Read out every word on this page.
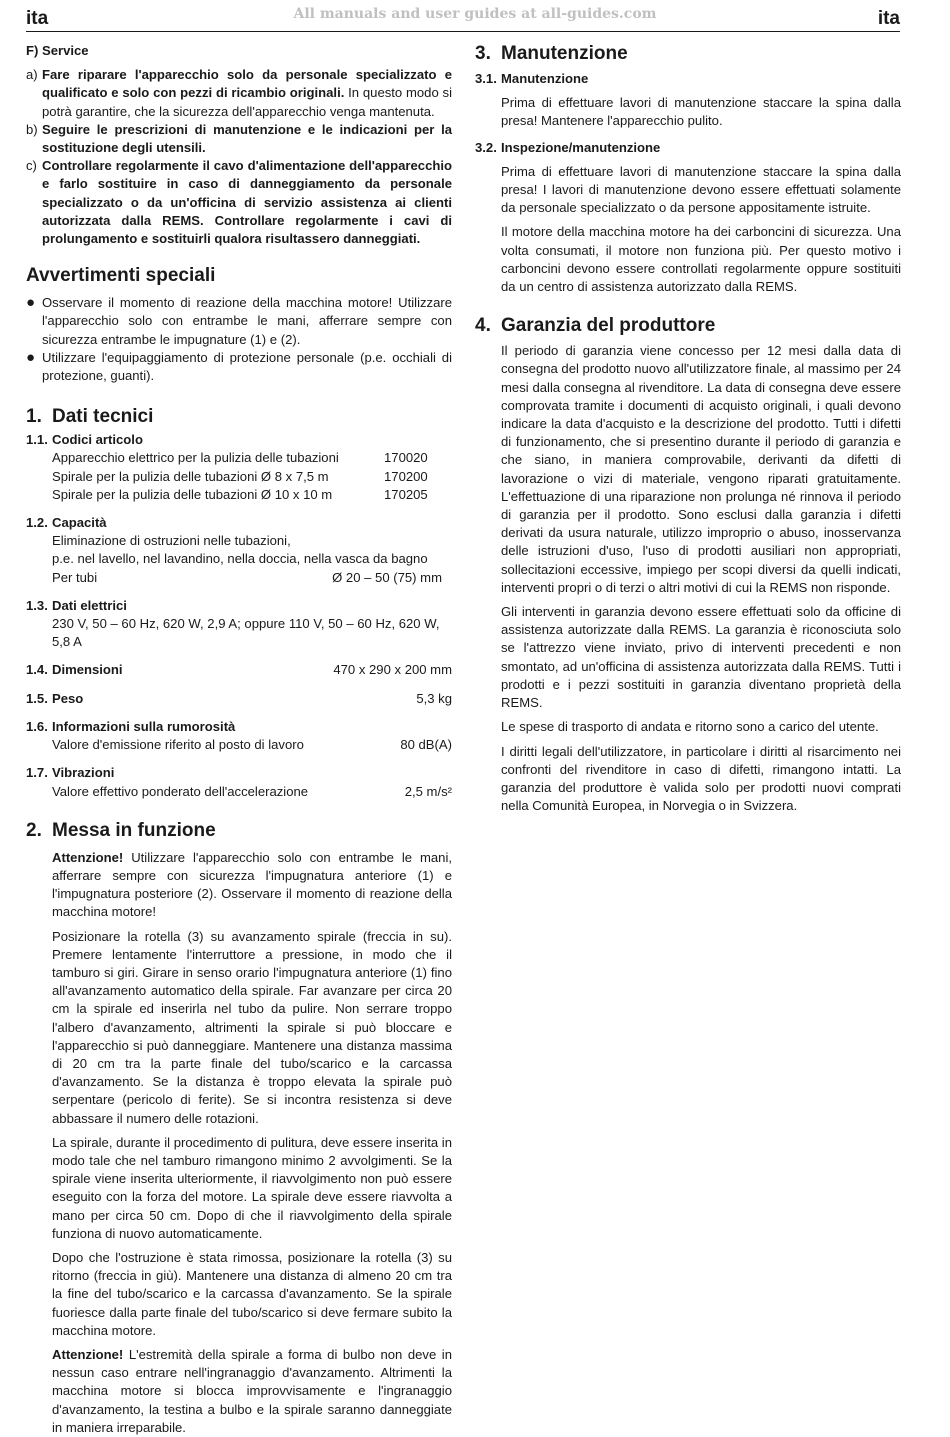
All manuals and user guides at all-guides.com
ita	ita

F) Service

a) Fare riparare l'apparecchio solo da personale specializzato e qualificato e solo con pezzi di ricambio originali. In questo modo si potrà garantire, che la sicurezza dell'apparecchio venga mantenuta.
b) Seguire le prescrizioni di manutenzione e le indicazioni per la sostituzione degli utensili.
c) Controllare regolarmente il cavo d'alimentazione dell'apparecchio e farlo sostituire in caso di danneggiamento da personale specializzato o da un'officina di servizio assistenza ai clienti autorizzata dalla REMS. Controllare regolarmente i cavi di prolungamento e sostituirli qualora risultassero danneggiati.

Avvertimenti speciali

● Osservare il momento di reazione della macchina motore! Utilizzare l'apparecchio solo con entrambe le mani, afferrare sempre con sicurezza entrambe le impugnature (1) e (2).
● Utilizzare l'equipaggiamento di protezione personale (p.e. occhiali di protezione, guanti).

1. Dati tecnici

1.1. Codici articolo

Apparecchio elettrico per la pulizia delle tubazioni	170020
Spirale per la pulizia delle tubazioni Ø 8 x 7,5 m	170200
Spirale per la pulizia delle tubazioni Ø 10 x 10 m	170205

1.2. Capacità

Eliminazione di ostruzioni nelle tubazioni,

p.e. nel lavello, nel lavandino, nella doccia, nella vasca da bagno

Per tubi	Ø 20 – 50 (75) mm

1.3. Dati elettrici

230 V, 50 – 60 Hz, 620 W, 2,9 A; oppure 110 V, 50 – 60 Hz, 620 W, 5,8 A

1.4. Dimensioni	470 x 290 x 200 mm

1.5. Peso	5,3 kg

1.6. Informazioni sulla rumorosità

Valore d'emissione riferito al posto di lavoro	80 dB(A)

1.7. Vibrazioni

Valore effettivo ponderato dell'accelerazione	2,5 m/s²

2. Messa in funzione

Attenzione! Utilizzare l'apparecchio solo con entrambe le mani, afferrare sempre con sicurezza l'impugnatura anteriore (1) e l'impugnatura posteriore (2). Osservare il momento di reazione della macchina motore!

Posizionare la rotella (3) su avanzamento spirale (freccia in su). Premere lentamente l'interruttore a pressione, in modo che il tamburo si giri. Girare in senso orario l'impugnatura anteriore (1) fino all'avanzamento automatico della spirale. Far avanzare per circa 20 cm la spirale ed inserirla nel tubo da pulire. Non serrare troppo l'albero d'avanzamento, altrimenti la spirale si può bloccare e l'apparecchio si può danneggiare. Mantenere una distanza massima di 20 cm tra la parte finale del tubo/scarico e la carcassa d'avanzamento. Se la distanza è troppo elevata la spirale può serpentare (pericolo di ferite). Se si incontra resistenza si deve abbassare il numero delle rotazioni.

La spirale, durante il procedimento di pulitura, deve essere inserita in modo tale che nel tamburo rimangono minimo 2 avvolgimenti. Se la spirale viene inserita ulteriormente, il riavvolgimento non può essere eseguito con la forza del motore. La spirale deve essere riavvolta a mano per circa 50 cm. Dopo di che il riavvolgimento della spirale funziona di nuovo automaticamente.

Dopo che l'ostruzione è stata rimossa, posizionare la rotella (3) su ritorno (freccia in giù). Mantenere una distanza di almeno 20 cm tra la fine del tubo/scarico e la carcassa d'avanzamento. Se la spirale fuoriesce dalla parte finale del tubo/scarico si deve fermare subito la macchina motore.

Attenzione! L'estremità della spirale a forma di bulbo non deve in nessun caso entrare nell'ingranaggio d'avanzamento. Altrimenti la macchina motore si blocca improvvisamente e l'ingranaggio d'avanzamento, la testina a bulbo e la spirale saranno danneggiate in maniera irreparabile.

3. Manutenzione

3.1. Manutenzione

Prima di effettuare lavori di manutenzione staccare la spina dalla presa! Mantenere l'apparecchio pulito.

3.2. Inspezione/manutenzione

Prima di effettuare lavori di manutenzione staccare la spina dalla presa! I lavori di manutenzione devono essere effettuati solamente da personale specializzato o da persone appositamente istruite.

Il motore della macchina motore ha dei carboncini di sicurezza. Una volta consumati, il motore non funziona più. Per questo motivo i carboncini devono essere controllati regolarmente oppure sostituiti da un centro di assistenza autorizzato dalla REMS.

4. Garanzia del produttore

Il periodo di garanzia viene concesso per 12 mesi dalla data di consegna del prodotto nuovo all'utilizzatore finale, al massimo per 24 mesi dalla consegna al rivenditore. La data di consegna deve essere comprovata tramite i documenti di acquisto originali, i quali devono indicare la data d'acquisto e la descrizione del prodotto. Tutti i difetti di funzionamento, che si presentino durante il periodo di garanzia e che siano, in maniera comprovabile, derivanti da difetti di lavorazione o vizi di materiale, vengono riparati gratuitamente. L'effettuazione di una riparazione non prolunga né rinnova il periodo di garanzia per il prodotto. Sono esclusi dalla garanzia i difetti derivati da usura naturale, utilizzo improprio o abuso, inosservanza delle istruzioni d'uso, l'uso di prodotti ausiliari non appropriati, sollecitazioni eccessive, impiego per scopi diversi da quelli indicati, interventi propri o di terzi o altri motivi di cui la REMS non risponde.

Gli interventi in garanzia devono essere effettuati solo da officine di assistenza autorizzate dalla REMS. La garanzia è riconosciuta solo se l'attrezzo viene inviato, privo di interventi precedenti e non smontato, ad un'officina di assistenza autorizzata dalla REMS. Tutti i prodotti e i pezzi sostituiti in garanzia diventano proprietà della REMS.

Le spese di trasporto di andata e ritorno sono a carico del utente.

I diritti legali dell'utilizzatore, in particolare i diritti al risarcimento nei confronti del rivenditore in caso di difetti, rimangono intatti. La garanzia del produttore è valida solo per prodotti nuovi comprati nella Comunità Europea, in Norvegia o in Svizzera.
